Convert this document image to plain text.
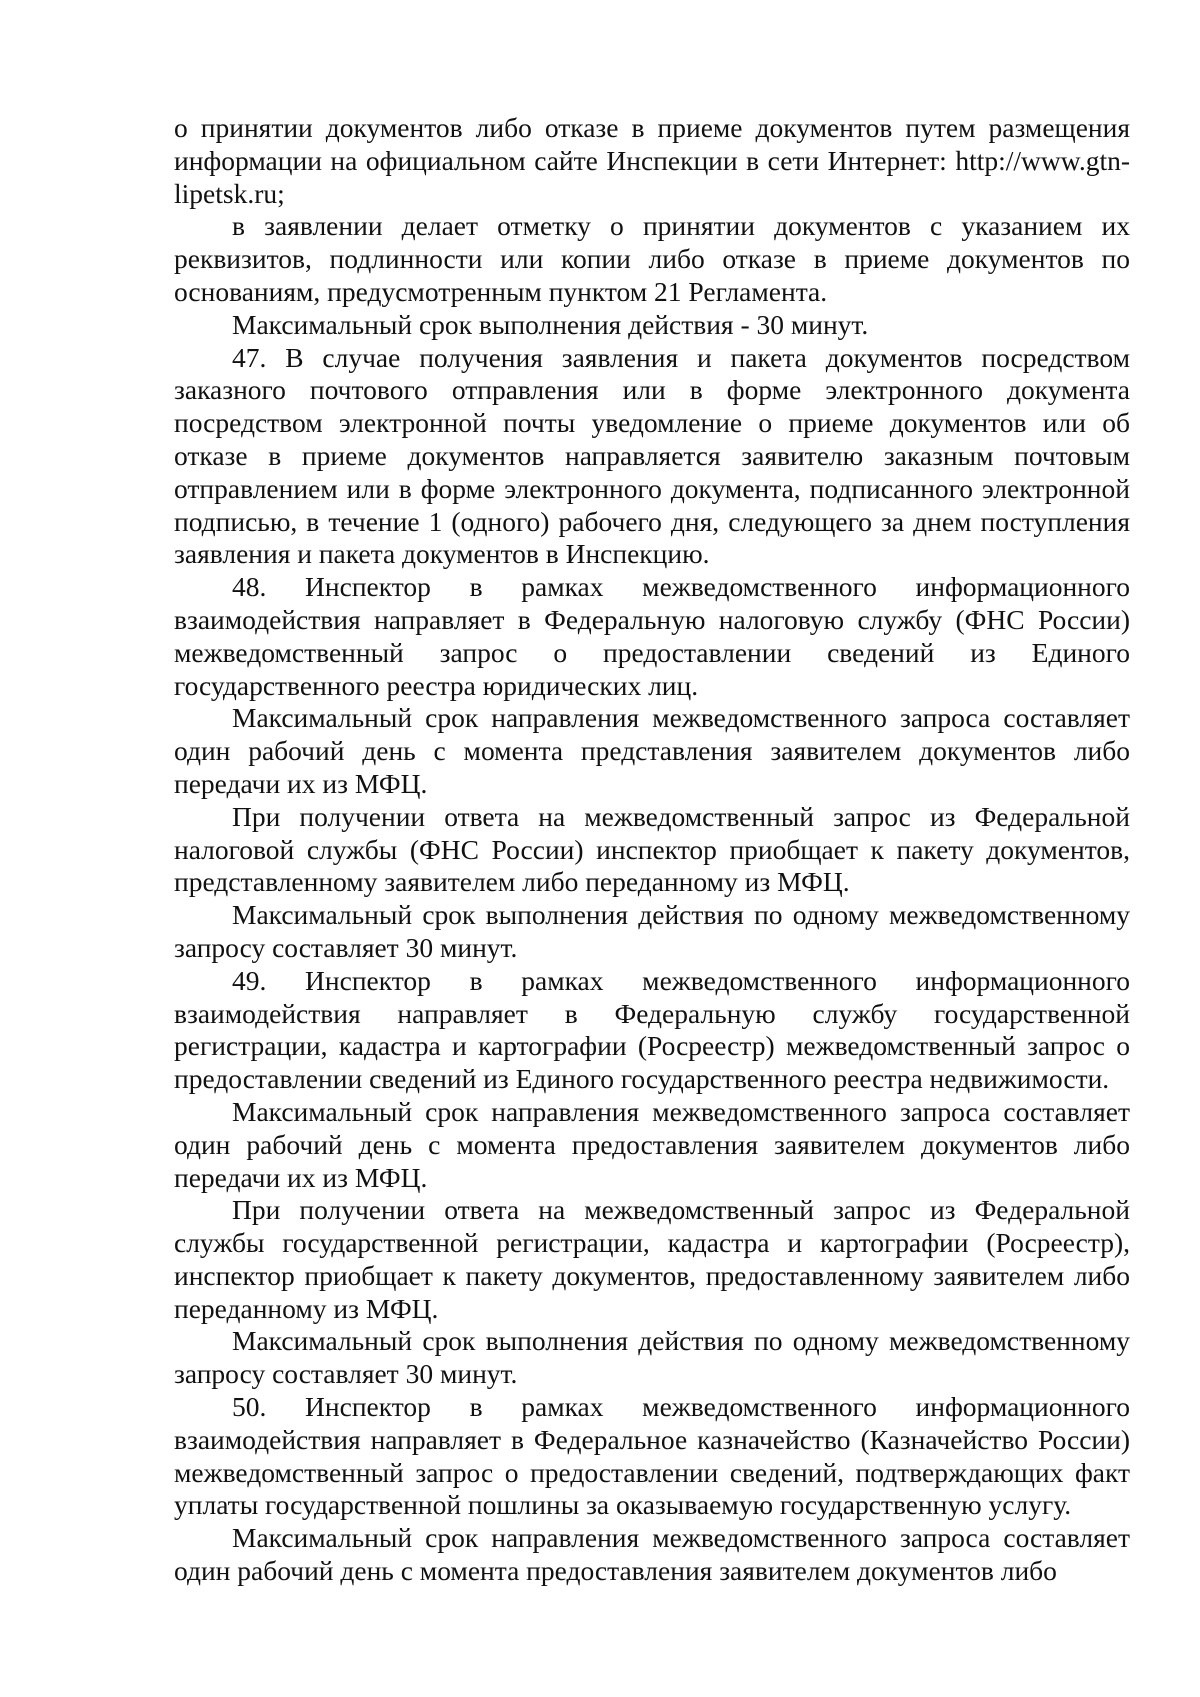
о принятии документов либо отказе в приеме документов путем размещения информации на официальном сайте Инспекции в сети Интернет: http://www.gtn-lipetsk.ru;

в заявлении делает отметку о принятии документов с указанием их реквизитов, подлинности или копии либо отказе в приеме документов по основаниям, предусмотренным пунктом 21 Регламента.

Максимальный срок выполнения действия - 30 минут.

47. В случае получения заявления и пакета документов посредством заказного почтового отправления или в форме электронного документа посредством электронной почты уведомление о приеме документов или об отказе в приеме документов направляется заявителю заказным почтовым отправлением или в форме электронного документа, подписанного электронной подписью, в течение 1 (одного) рабочего дня, следующего за днем поступления заявления и пакета документов в Инспекцию.

48. Инспектор в рамках межведомственного информационного взаимодействия направляет в Федеральную налоговую службу (ФНС России) межведомственный запрос о предоставлении сведений из Единого государственного реестра юридических лиц.

Максимальный срок направления межведомственного запроса составляет один рабочий день с момента представления заявителем документов либо передачи их из МФЦ.

При получении ответа на межведомственный запрос из Федеральной налоговой службы (ФНС России) инспектор приобщает к пакету документов, представленному заявителем либо переданному из МФЦ.

Максимальный срок выполнения действия по одному межведомственному запросу составляет 30 минут.

49. Инспектор в рамках межведомственного информационного взаимодействия направляет в Федеральную службу государственной регистрации, кадастра и картографии (Росреестр) межведомственный запрос о предоставлении сведений из Единого государственного реестра недвижимости.

Максимальный срок направления межведомственного запроса составляет один рабочий день с момента предоставления заявителем документов либо передачи их из МФЦ.

При получении ответа на межведомственный запрос из Федеральной службы государственной регистрации, кадастра и картографии (Росреестр), инспектор приобщает к пакету документов, предоставленному заявителем либо переданному из МФЦ.

Максимальный срок выполнения действия по одному межведомственному запросу составляет 30 минут.

50. Инспектор в рамках межведомственного информационного взаимодействия направляет в Федеральное казначейство (Казначейство России) межведомственный запрос о предоставлении сведений, подтверждающих факт уплаты государственной пошлины за оказываемую государственную услугу.

Максимальный срок направления межведомственного запроса составляет один рабочий день с момента предоставления заявителем документов либо
